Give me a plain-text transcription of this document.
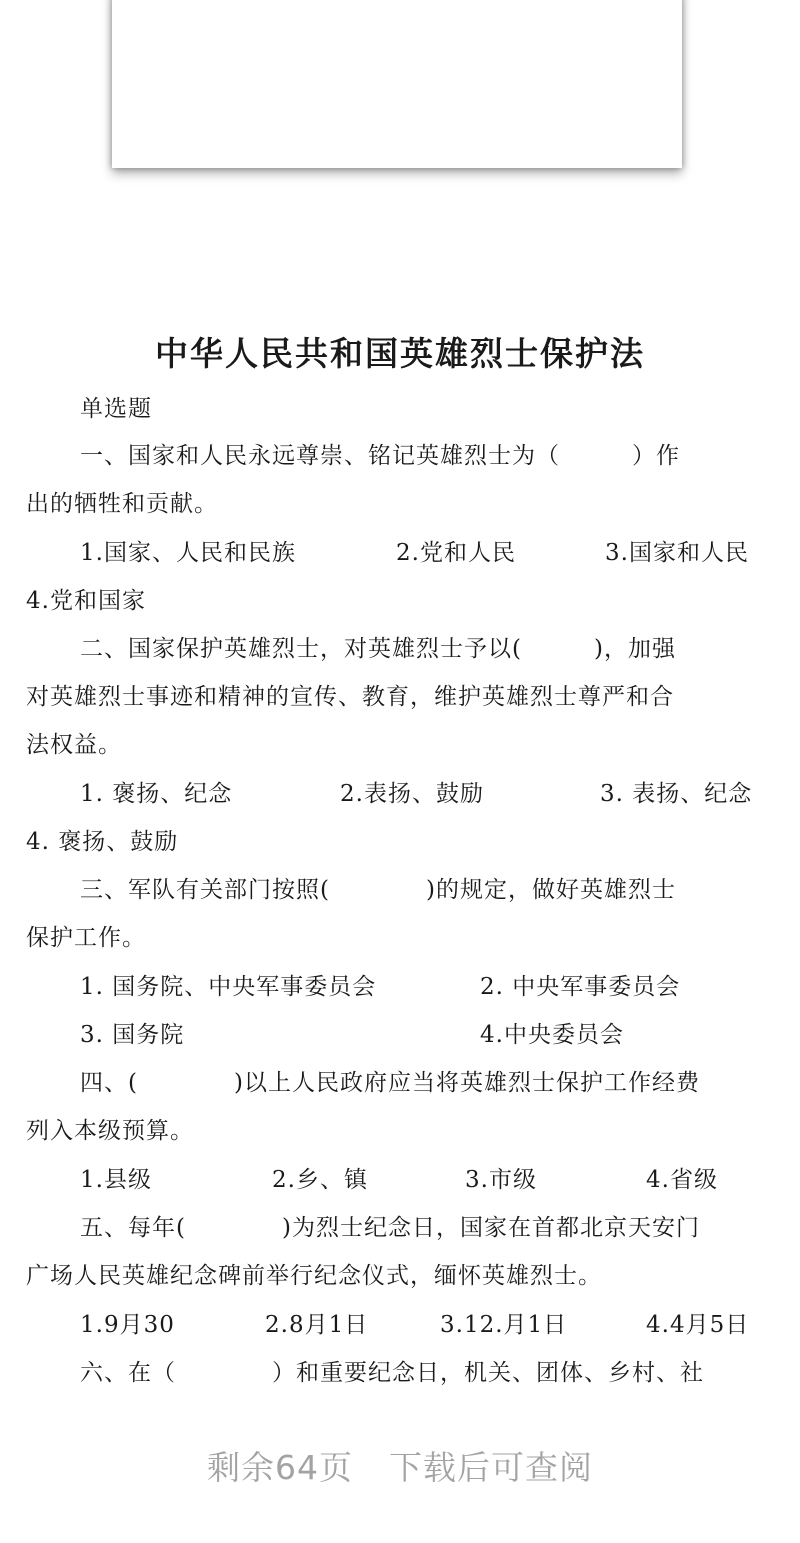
中华人民共和国英雄烈士保护法
单选题
一、国家和人民永远尊崇、铭记英雄烈士为（　　　）作
出的牺牲和贡献。
1.国家、人民和民族	2.党和人民	3.国家和人民
4.党和国家
二、国家保护英雄烈士，对英雄烈士予以(　　　)，加强
对英雄烈士事迹和精神的宣传、教育，维护英雄烈士尊严和合
法权益。
1. 褒扬、纪念	2.表扬、鼓励	3. 表扬、纪念
4. 褒扬、鼓励
三、军队有关部门按照(　　　　)的规定，做好英雄烈士
保护工作。
1. 国务院、中央军事委员会	2. 中央军事委员会
3. 国务院	4.中央委员会
四、(　　　　)以上人民政府应当将英雄烈士保护工作经费
列入本级预算。
1.县级	2.乡、镇	3.市级	4.省级
五、每年(　　　　)为烈士纪念日，国家在首都北京天安门
广场人民英雄纪念碑前举行纪念仪式，缅怀英雄烈士。
1.9月30	2.8月1日	3.12.月1日	4.4月5日
六、在（　　　　）和重要纪念日，机关、团体、乡村、社
剩余64页 下载后可查阅
